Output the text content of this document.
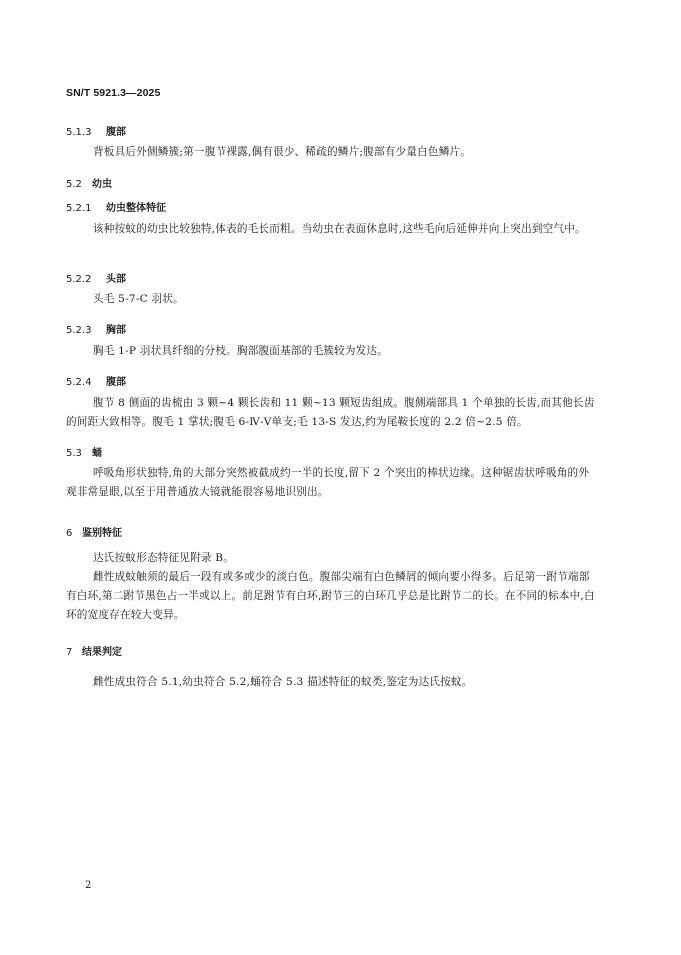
SN/T 5921.3—2025
5.1.3 腹部

背板具后外侧鳞簇;第一腹节裸露,偶有很少、稀疏的鳞片;腹部有少量白色鳞片。

5.2 幼虫
5.2.1 幼虫整体特征

该种按蚊的幼虫比较独特,体表的毛长而粗。当幼虫在表面休息时,这些毛向后延伸并向上突出到空气中。

5.2.2 头部

头毛 5-7-C 羽状。

5.2.3 胸部

胸毛 1-P 羽状具纤细的分枝。胸部腹面基部的毛簇较为发达。

5.2.4 腹部

腹节 8 侧面的齿梳由 3 颗~4 颗长齿和 11 颗~13 颗短齿组成。腹侧端部具 1 个单独的长齿,而其他长齿的间距大致相等。腹毛 1 掌状;腹毛 6-Ⅳ-Ⅴ单支;毛 13-S 发达,约为尾鞍长度的 2.2 倍~2.5 倍。

5.3 蛹

呼吸角形状独特,角的大部分突然被截成约一半的长度,留下 2 个突出的棒状边缘。这种锯齿状呼吸角的外观非常显眼,以至于用普通放大镜就能很容易地识别出。

6 鉴别特征

达氏按蚊形态特征见附录 B。

雌性成蚊触须的最后一段有或多或少的淡白色。腹部尖端有白色鳞屑的倾向要小得多。后足第一跗节端部有白环,第二跗节黑色占一半或以上。前足跗节有白环,跗节三的白环几乎总是比跗节二的长。在不同的标本中,白环的宽度存在较大变异。

7 结果判定

雌性成虫符合 5.1,幼虫符合 5.2,蛹符合 5.3 描述特征的蚊类,鉴定为达氏按蚊。

2
